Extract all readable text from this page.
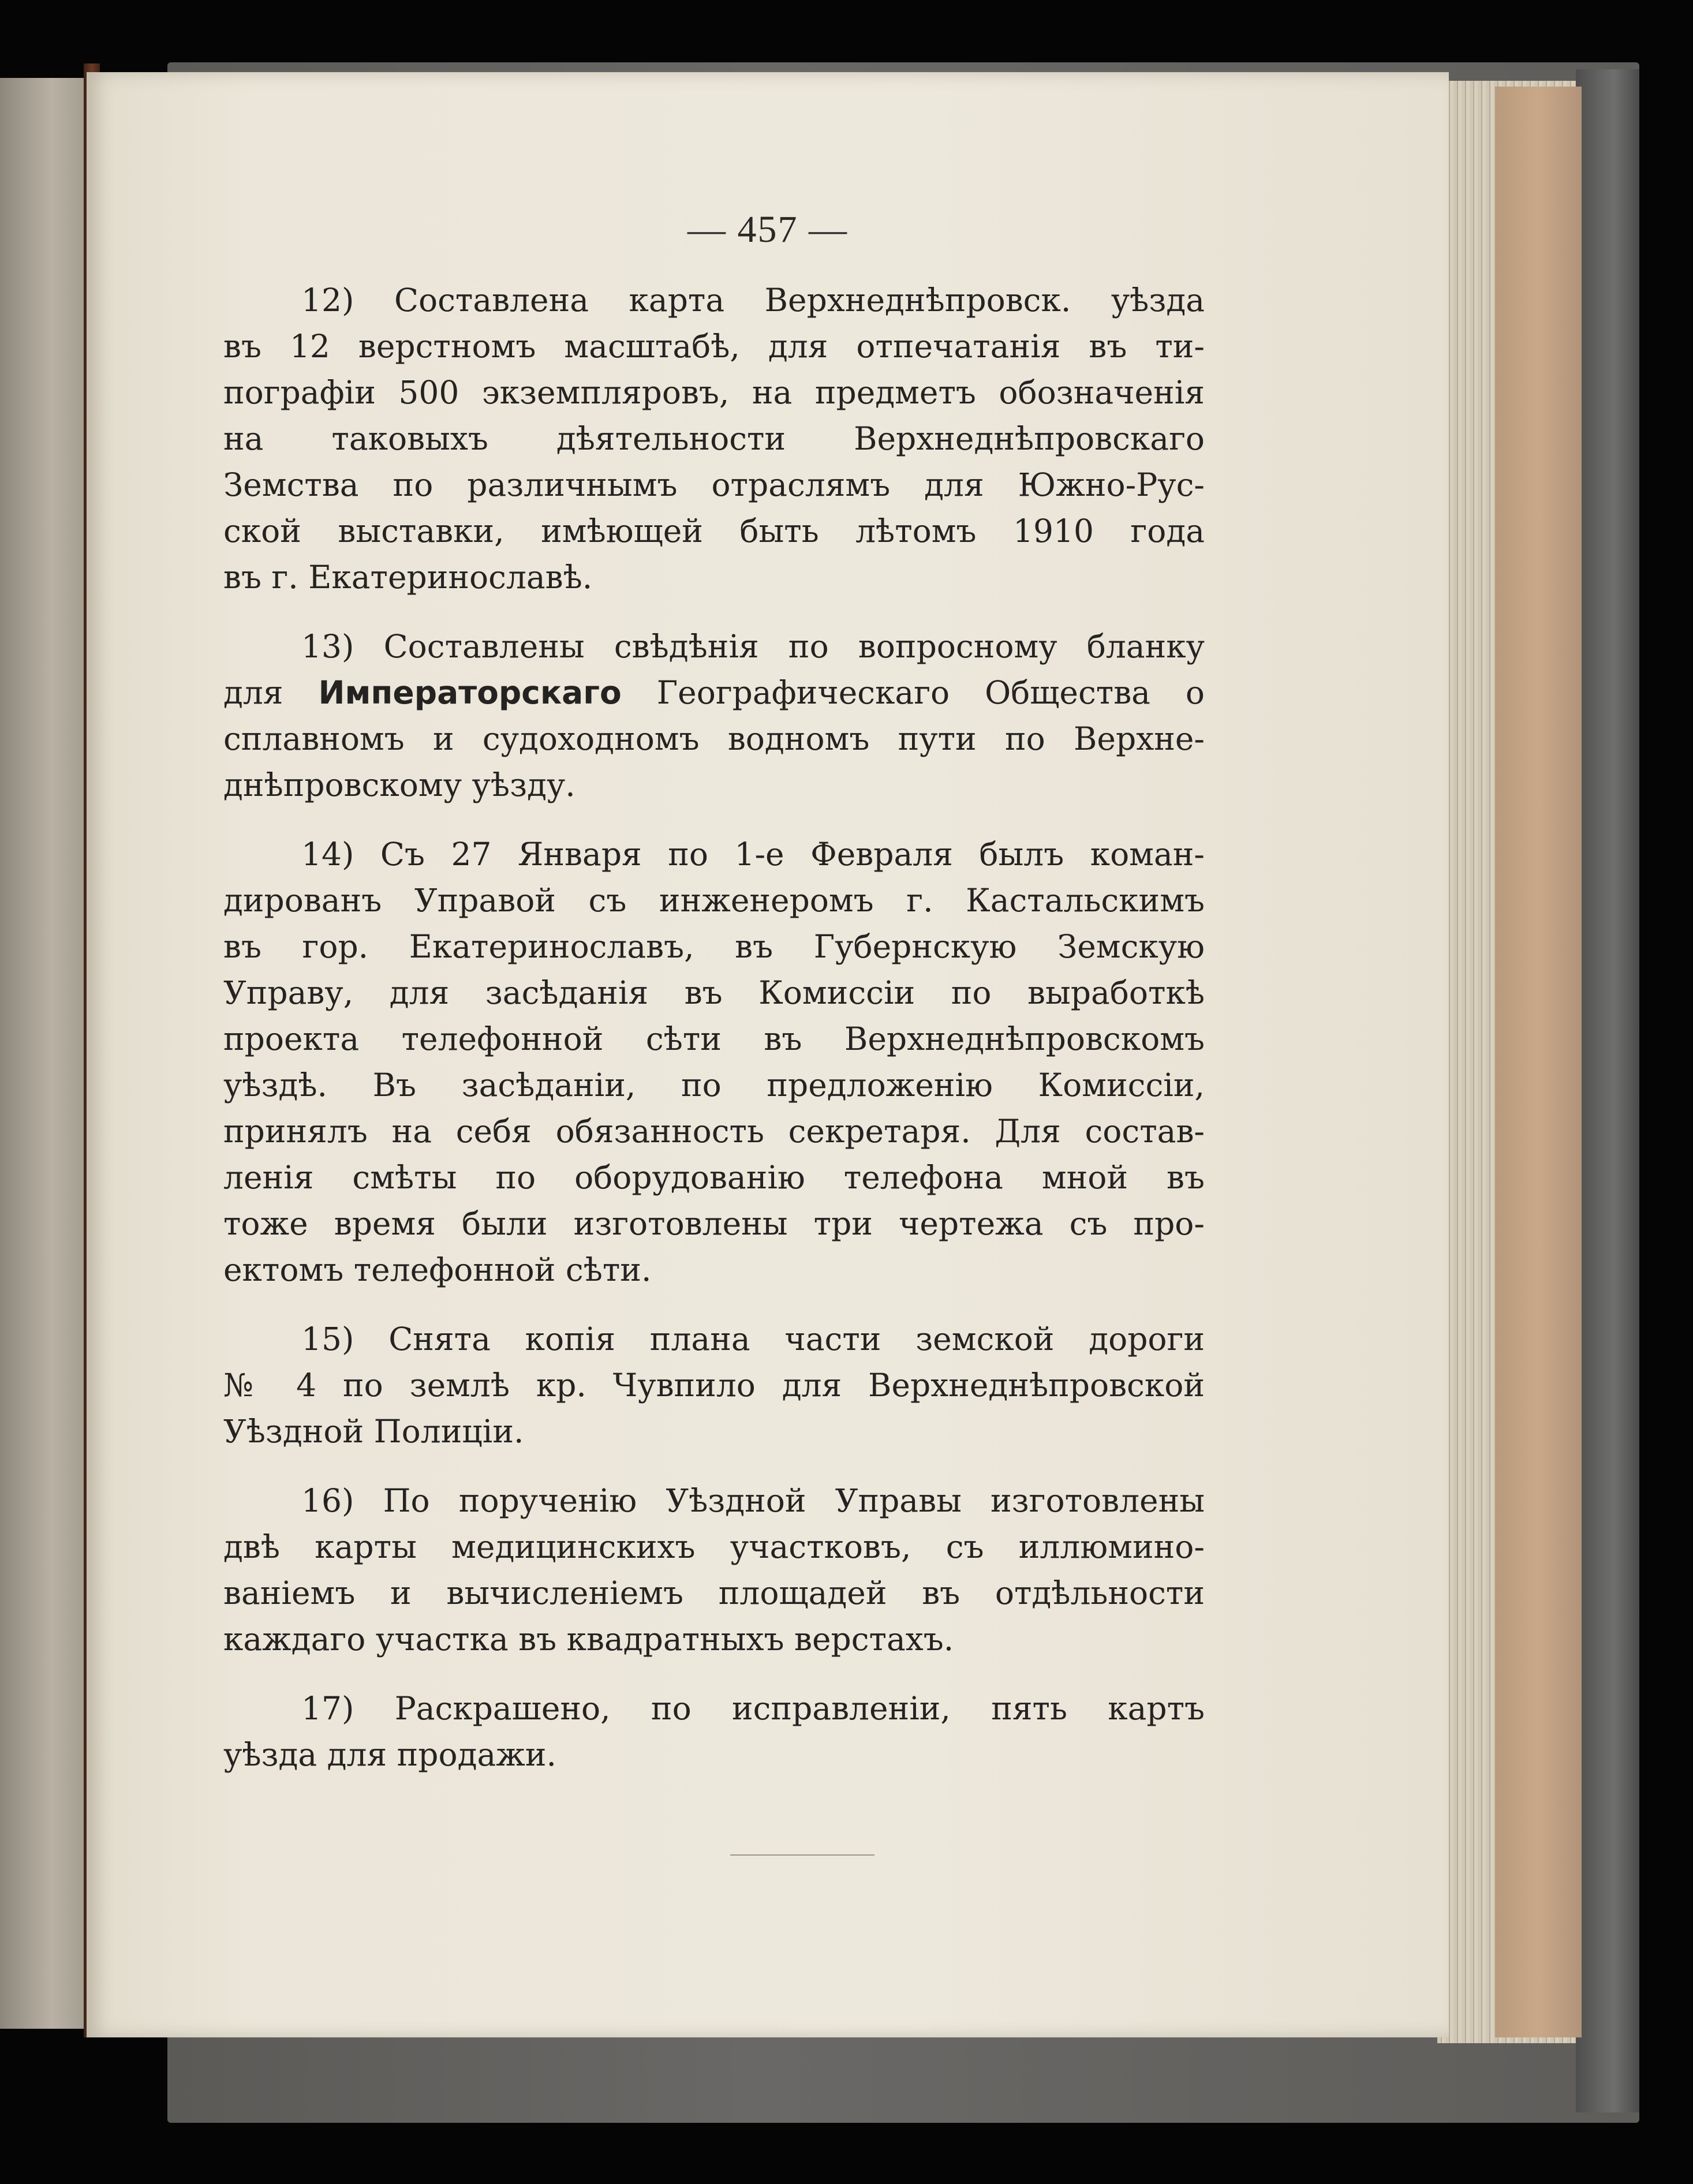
— 457 —
12) Составлена карта Верхнеднѣпровск. уѣзда
въ 12 верстномъ масштабѣ, для отпечатанія въ ти-
пографіи 500 экземпляровъ, на предметъ обозначенія
на таковыхъ дѣятельности Верхнеднѣпровскаго
Земства по различнымъ отраслямъ для Южно-Рус-
ской выставки, имѣющей быть лѣтомъ 1910 года
въ г. Екатеринославѣ.
13) Составлены свѣдѣнія по вопросному бланку
для Императорскаго Географическаго Общества о
сплавномъ и судоходномъ водномъ пути по Верхне-
днѣпровскому уѣзду.
14) Съ 27 Января по 1-е Февраля былъ коман-
дированъ Управой съ инженеромъ г. Кастальскимъ
въ гор. Екатеринославъ, въ Губернскую Земскую
Управу, для засѣданія въ Комиссіи по выработкѣ
проекта телефонной сѣти въ Верхнеднѣпровскомъ
уѣздѣ. Въ засѣданіи, по предложенію Комиссіи,
принялъ на себя обязанность секретаря. Для состав-
ленія смѣты по оборудованію телефона мной въ
тоже время были изготовлены три чертежа съ про-
ектомъ телефонной сѣти.
15) Снята копія плана части земской дороги
№ 4 по землѣ кр. Чувпило для Верхнеднѣпровской
Уѣздной Полиціи.
16) По порученію Уѣздной Управы изготовлены
двѣ карты медицинскихъ участковъ, съ иллюмино-
ваніемъ и вычисленіемъ площадей въ отдѣльности
каждаго участка въ квадратныхъ верстахъ.
17) Раскрашено, по исправленіи, пять картъ
уѣзда для продажи.
